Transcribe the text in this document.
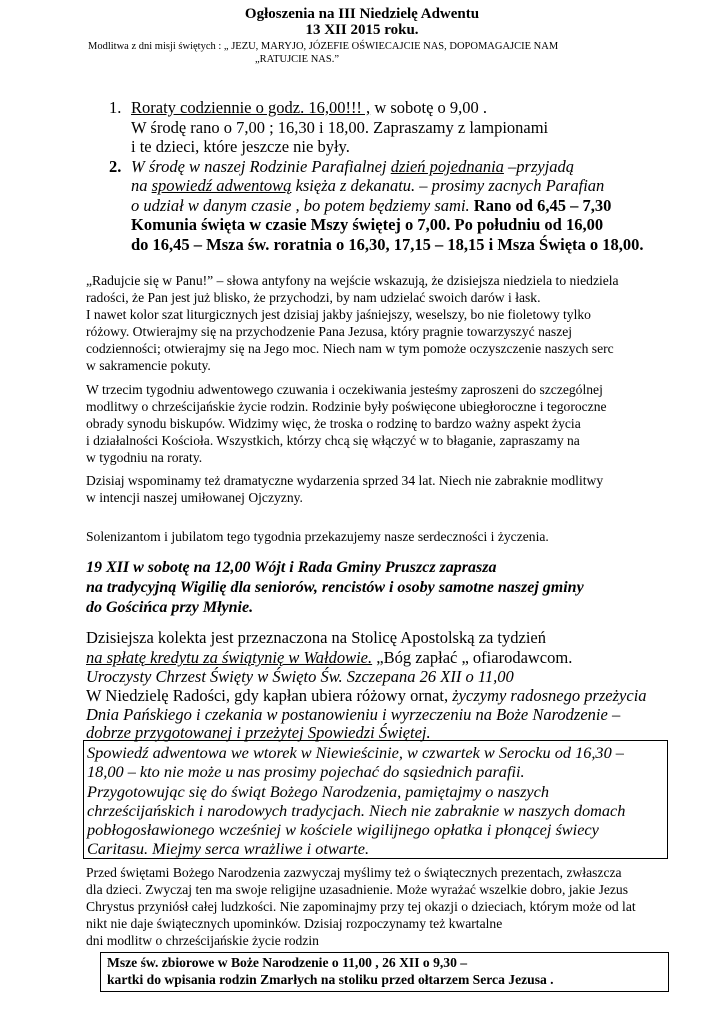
Ogłoszenia na III Niedzielę Adwentu
13 XII 2015 roku.
Modlitwa z dni misji świętych : „ JEZU, MARYJO, JÓZEFIE OŚWIECAJCIE NAS, DOPOMAGAJCIE NAM
„RATUJCIE NAS.”
1. Roraty codziennie o godz. 16,00!!! , w sobotę o 9,00 .
W środę rano o 7,00 ; 16,30 i 18,00. Zapraszamy z lampionami
i te dzieci, które jeszcze nie były.
2. W środę w naszej Rodzinie Parafialnej dzień pojednania –przyjadą
na spowiedź adwentową księża z dekanatu. – prosimy zacnych Parafian
o udział w danym czasie , bo potem będziemy sami. Rano od 6,45 – 7,30
Komunia święta w czasie Mszy świętej o 7,00. Po południu od 16,00
do 16,45 – Msza św. roratnia o 16,30, 17,15 – 18,15 i Msza Święta o 18,00.
„Radujcie się w Panu!” – słowa antyfony na wejście wskazują, że dzisiejsza niedziela to niedziela
radości, że Pan jest już blisko, że przychodzi, by nam udzielać swoich darów i łask.
I nawet kolor szat liturgicznych jest dzisiaj jakby jaśniejszy, weselszy, bo nie fioletowy tylko
różowy. Otwierajmy się na przychodzenie Pana Jezusa, który pragnie towarzyszyć naszej
codzienności; otwierajmy się na Jego moc. Niech nam w tym pomoże oczyszczenie naszych serc
w sakramencie pokuty.
W trzecim tygodniu adwentowego czuwania i oczekiwania jesteśmy zaproszeni do szczególnej
modlitwy o chrześcijańskie życie rodzin. Rodzinie były poświęcone ubiegłoroczne i tegoroczne
obrady synodu biskupów. Widzimy więc, że troska o rodzinę to bardzo ważny aspekt życia
i działalności Kościoła. Wszystkich, którzy chcą się włączyć w to błaganie, zapraszamy na
w tygodniu na roraty.
Dzisiaj wspominamy też dramatyczne wydarzenia sprzed 34 lat. Niech nie zabraknie modlitwy
w intencji naszej umiłowanej Ojczyzny.
Solenizantom i jubilatom tego tygodnia przekazujemy nasze serdeczności i życzenia.
19 XII w sobotę na 12,00 Wójt i Rada Gminy Pruszcz zaprasza
na tradycyjną Wigilię dla seniorów, rencistów i osoby samotne naszej gminy
do Gościńca przy Młynie.
Dzisiejsza kolekta jest przeznaczona na Stolicę Apostolską za tydzień
na spłatę kredytu za świątynię w Wałdowie. „Bóg zapłać „ ofiarodawcom.
Uroczysty Chrzest Święty w Święto Św. Szczepana 26 XII o 11,00
W Niedzielę Radości, gdy kapłan ubiera różowy ornat, życzymy radosnego przeżycia
Dnia Pańskiego i czekania w postanowieniu i wyrzeczeniu na Boże Narodzenie –
dobrze przygotowanej i przeżytej Spowiedzi Świętej.
Spowiedź adwentowa we wtorek w Niewieścinie, w czwartek w Serocku od 16,30 –
18,00 – kto nie może u nas prosimy pojechać do sąsiednich parafii.
Przygotowując się do świąt Bożego Narodzenia, pamiętajmy o naszych
chrześcijańskich i narodowych tradycjach. Niech nie zabraknie w naszych domach
pobłogosławionego wcześniej w kościele wigilijnego opłatka i płonącej świecy
Caritasu. Miejmy serca wrażliwe i otwarte.
Przed świętami Bożego Narodzenia zazwyczaj myślimy też o świątecznych prezentach, zwłaszcza
dla dzieci. Zwyczaj ten ma swoje religijne uzasadnienie. Może wyrażać wszelkie dobro, jakie Jezus
Chrystus przyniósł całej ludzkości. Nie zapominajmy przy tej okazji o dzieciach, którym może od lat
nikt nie daje świątecznych upominków. Dzisiaj rozpoczynamy też kwartalne
dni modlitw o chrześcijańskie życie rodzin
Msze św. zbiorowe w Boże Narodzenie o 11,00 , 26 XII o 9,30 –
kartki do wpisania rodzin Zmarłych na stoliku przed ołtarzem Serca Jezusa .
